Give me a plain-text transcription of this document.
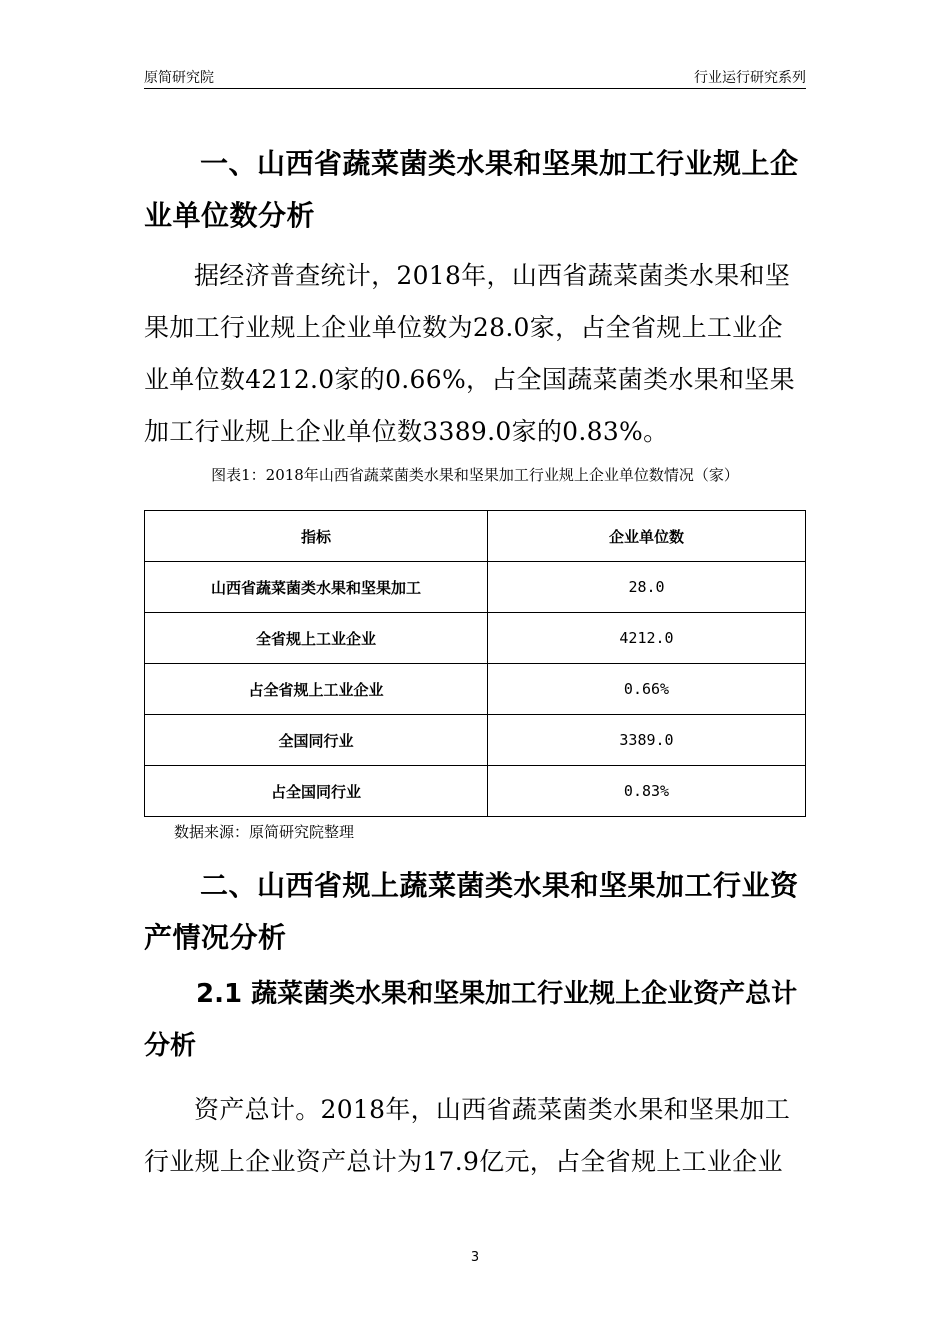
原简研究院	行业运行研究系列
一、山西省蔬菜菌类水果和坚果加工行业规上企业单位数分析

据经济普查统计，2018年，山西省蔬菜菌类水果和坚果加工行业规上企业单位数为28.0家，占全省规上工业企业单位数4212.0家的0.66%，占全国蔬菜菌类水果和坚果加工行业规上企业单位数3389.0家的0.83%。

图表1：2018年山西省蔬菜菌类水果和坚果加工行业规上企业单位数情况（家）

指标	企业单位数
山西省蔬菜菌类水果和坚果加工	28.0
全省规上工业企业	4212.0
占全省规上工业企业	0.66%
全国同行业	3389.0
占全国同行业	0.83%

数据来源：原简研究院整理

二、山西省规上蔬菜菌类水果和坚果加工行业资产情况分析
2.1 蔬菜菌类水果和坚果加工行业规上企业资产总计分析

资产总计。2018年，山西省蔬菜菌类水果和坚果加工行业规上企业资产总计为17.9亿元，占全省规上工业企业

3
